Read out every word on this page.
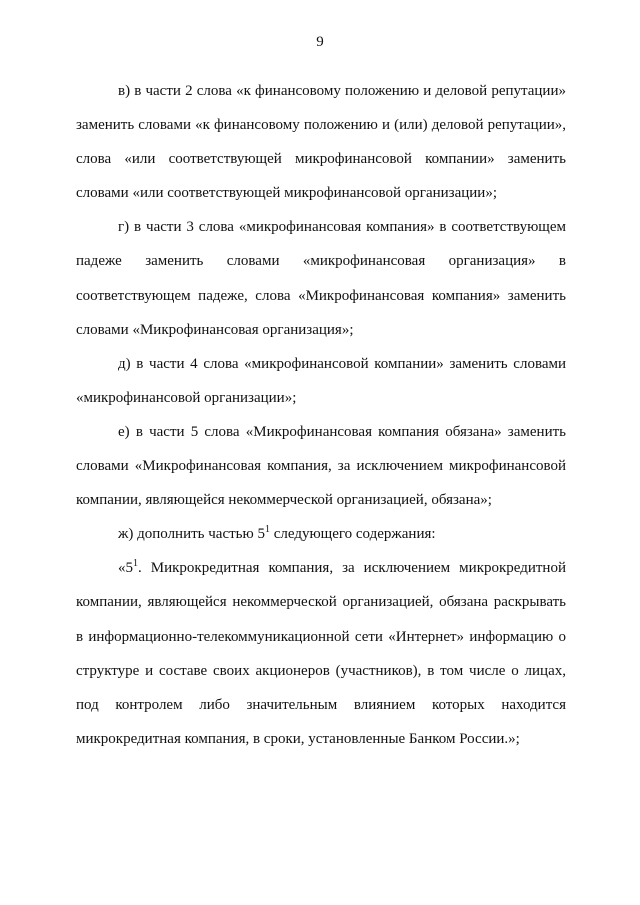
9

в) в части 2 слова «к финансовому положению и деловой репутации» заменить словами «к финансовому положению и (или) деловой репутации», слова «или соответствующей микрофинансовой компании» заменить словами «или соответствующей микрофинансовой организации»;

г) в части 3 слова «микрофинансовая компания» в соответствующем падеже заменить словами «микрофинансовая организация» в соответствующем падеже, слова «Микрофинансовая компания» заменить словами «Микрофинансовая организация»;

д) в части 4 слова «микрофинансовой компании» заменить словами «микрофинансовой организации»;

е) в части 5 слова «Микрофинансовая компания обязана» заменить словами «Микрофинансовая компания, за исключением микрофинансовой компании, являющейся некоммерческой организацией, обязана»;

ж) дополнить частью $5^1$ следующего содержания:

«$5^1$. Микрокредитная компания, за исключением микрокредитной компании, являющейся некоммерческой организацией, обязана раскрывать в информационно-телекоммуникационной сети «Интернет» информацию о структуре и составе своих акционеров (участников), в том числе о лицах, под контролем либо значительным влиянием которых находится микрокредитная компания, в сроки, установленные Банком России.»;
